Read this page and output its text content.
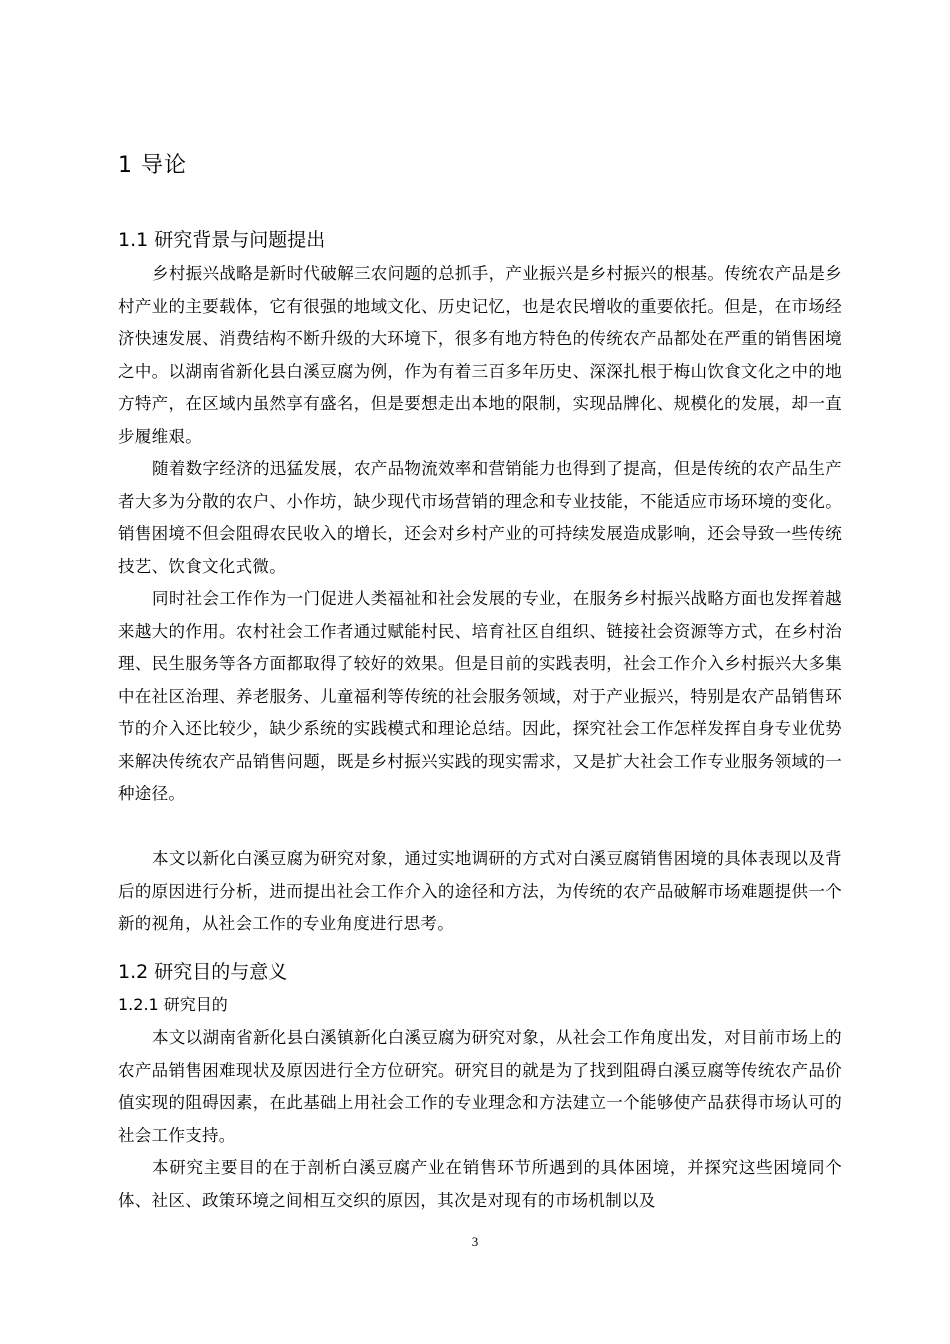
1 导论
1.1 研究背景与问题提出

乡村振兴战略是新时代破解三农问题的总抓手，产业振兴是乡村振兴的根基。传统农产品是乡村产业的主要载体，它有很强的地域文化、历史记忆，也是农民增收的重要依托。但是，在市场经济快速发展、消费结构不断升级的大环境下，很多有地方特色的传统农产品都处在严重的销售困境之中。以湖南省新化县白溪豆腐为例，作为有着三百多年历史、深深扎根于梅山饮食文化之中的地方特产，在区域内虽然享有盛名，但是要想走出本地的限制，实现品牌化、规模化的发展，却一直步履维艰。

随着数字经济的迅猛发展，农产品物流效率和营销能力也得到了提高，但是传统的农产品生产者大多为分散的农户、小作坊，缺少现代市场营销的理念和专业技能，不能适应市场环境的变化。销售困境不但会阻碍农民收入的增长，还会对乡村产业的可持续发展造成影响，还会导致一些传统技艺、饮食文化式微。

同时社会工作作为一门促进人类福祉和社会发展的专业，在服务乡村振兴战略方面也发挥着越来越大的作用。农村社会工作者通过赋能村民、培育社区自组织、链接社会资源等方式，在乡村治理、民生服务等各方面都取得了较好的效果。但是目前的实践表明，社会工作介入乡村振兴大多集中在社区治理、养老服务、儿童福利等传统的社会服务领域，对于产业振兴，特别是农产品销售环节的介入还比较少，缺少系统的实践模式和理论总结。因此，探究社会工作怎样发挥自身专业优势来解决传统农产品销售问题，既是乡村振兴实践的现实需求，又是扩大社会工作专业服务领域的一种途径。

本文以新化白溪豆腐为研究对象，通过实地调研的方式对白溪豆腐销售困境的具体表现以及背后的原因进行分析，进而提出社会工作介入的途径和方法，为传统的农产品破解市场难题提供一个新的视角，从社会工作的专业角度进行思考。

1.2 研究目的与意义
1.2.1 研究目的

本文以湖南省新化县白溪镇新化白溪豆腐为研究对象，从社会工作角度出发，对目前市场上的农产品销售困难现状及原因进行全方位研究。研究目的就是为了找到阻碍白溪豆腐等传统农产品价值实现的阻碍因素，在此基础上用社会工作的专业理念和方法建立一个能够使产品获得市场认可的社会工作支持。

本研究主要目的在于剖析白溪豆腐产业在销售环节所遇到的具体困境，并探究这些困境同个体、社区、政策环境之间相互交织的原因，其次是对现有的市场机制以及

3
